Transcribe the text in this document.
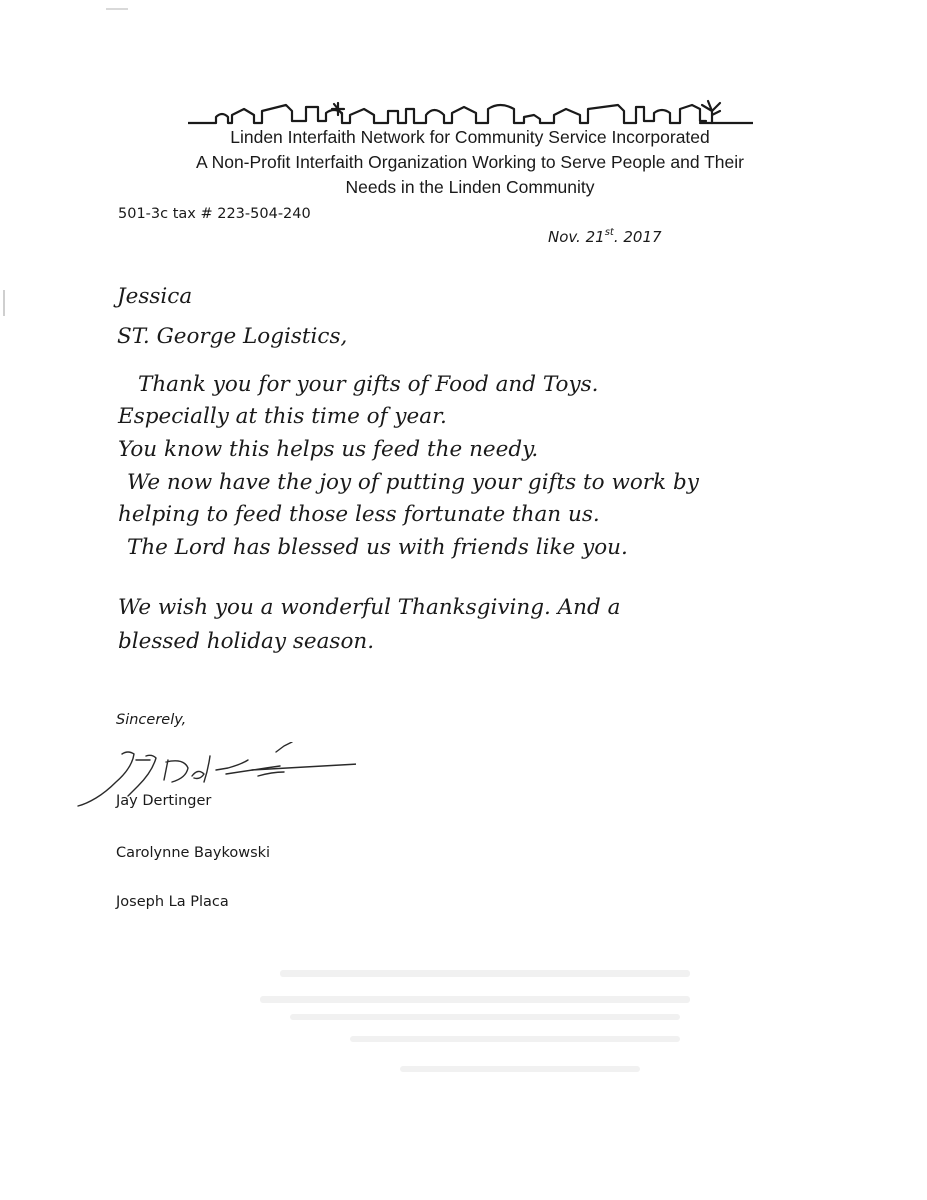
Linden Interfaith Network for Community Service Incorporated
A Non-Profit Interfaith Organization Working to Serve People and Their
Needs in the Linden Community
501-3c tax # 223-504-240
Nov. 21st. 2017
Jessica
ST. George Logistics,
Thank you for your gifts of Food and Toys.
Especially at this time of year.
You know this helps us feed the needy.
We now have the joy of putting your gifts to work by
helping to feed those less fortunate than us.
The Lord has blessed us with friends like you.
We wish you a wonderful Thanksgiving. And a
blessed holiday season.
Sincerely,
Jay Dertinger
Carolynne Baykowski
Joseph La Placa
